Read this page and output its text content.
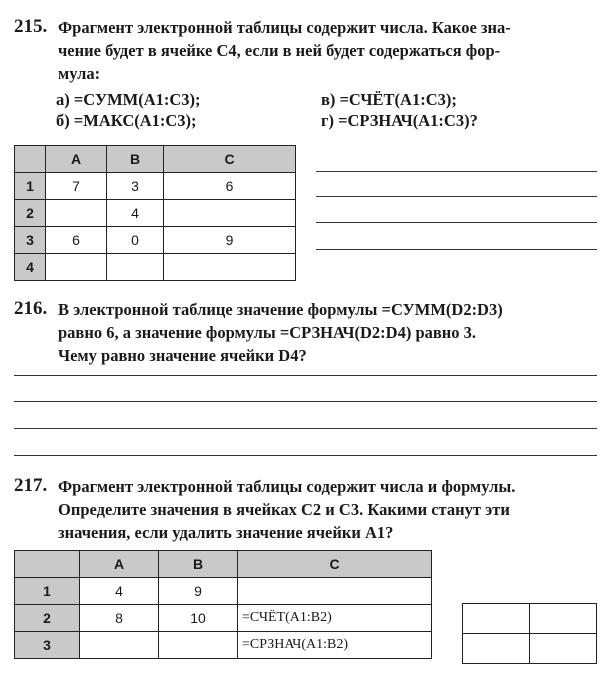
215. Фрагмент электронной таблицы содержит числа. Какое зна-
чение будет в ячейке C4, если в ней будет содержаться фор-
мула:
а) =СУММ(A1:C3);
б) =МАКС(A1:C3);
в) =СЧЁТ(A1:C3);
г) =СРЗНАЧ(A1:C3)?
	A	B	C
1	7	3	6
2		4	
3	6	0	9
4			
216. В электронной таблице значение формулы =СУММ(D2:D3)
равно 6, а значение формулы =СРЗНАЧ(D2:D4) равно 3.
Чему равно значение ячейки D4?
217. Фрагмент электронной таблицы содержит числа и формулы.
Определите значения в ячейках C2 и C3. Какими станут эти
значения, если удалить значение ячейки A1?
	A	B	C
1	4	9	
2	8	10	=СЧЁТ(A1:B2)
3			=СРЗНАЧ(A1:B2)
